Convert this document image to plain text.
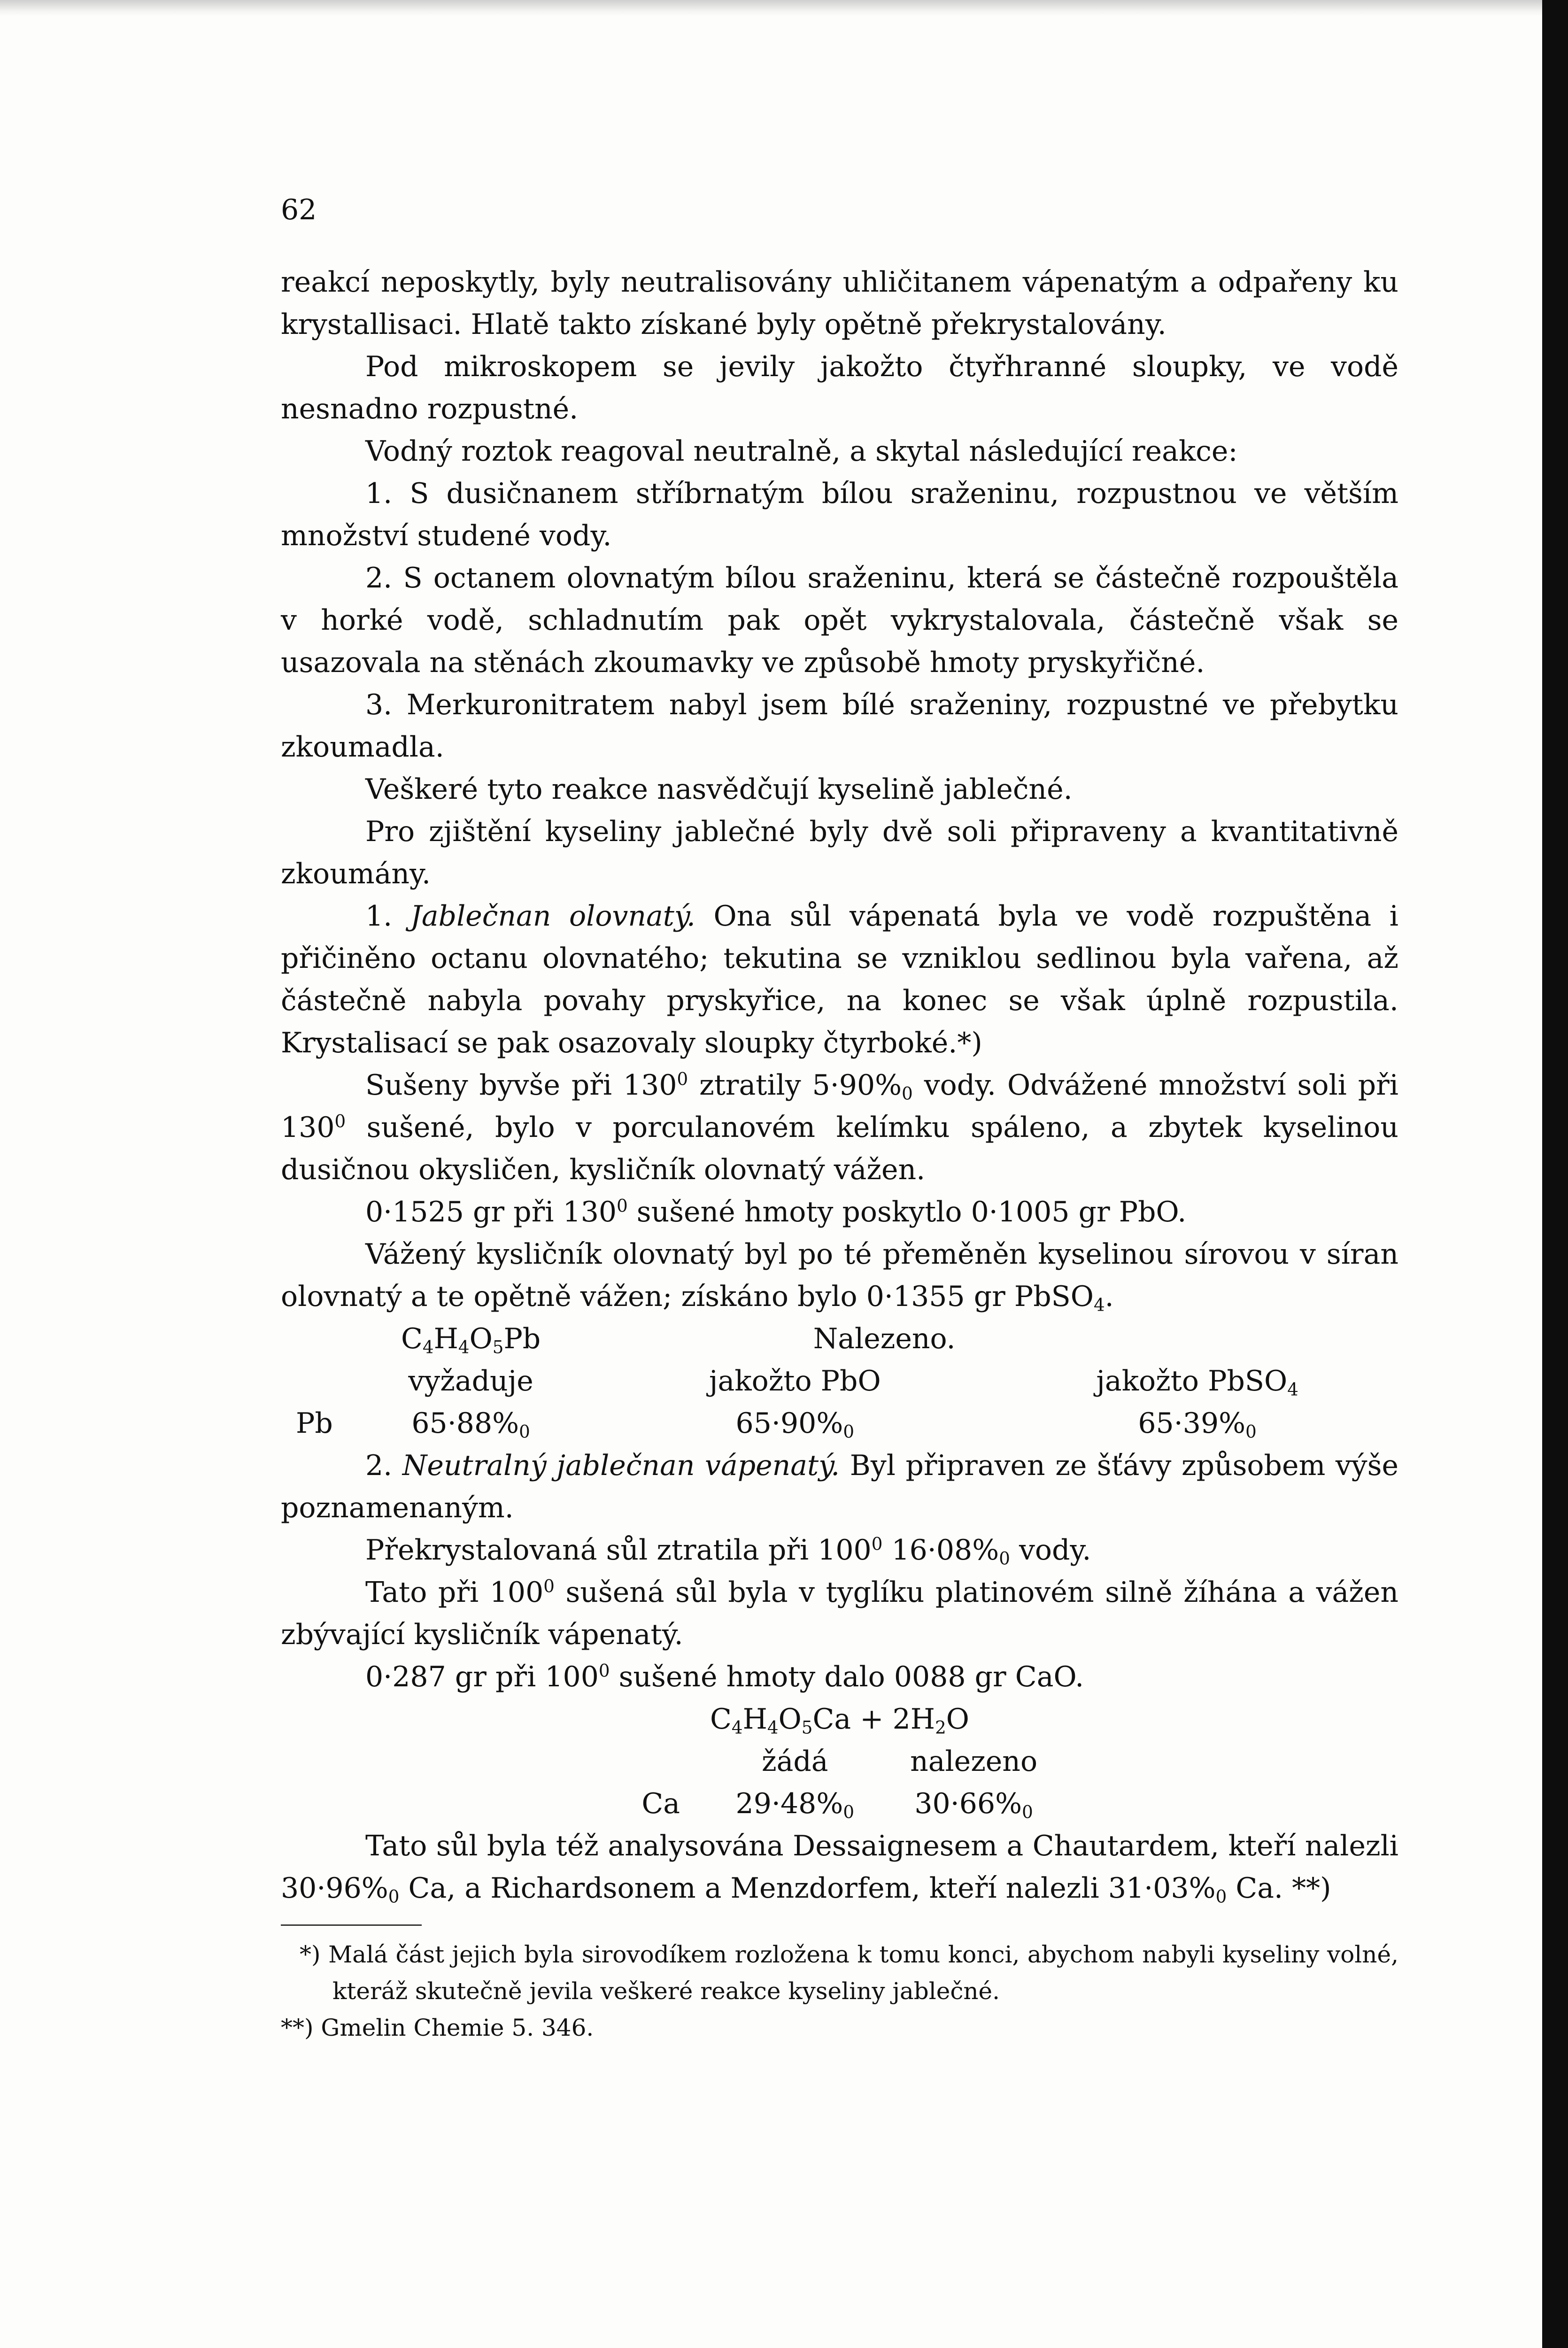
62

reakcí neposkytly, byly neutralisovány uhličitanem vápenatým a odpařeny ku krystallisaci. Hlatě takto získané byly opětně překrystalovány.

Pod mikroskopem se jevily jakožto čtyřhranné sloupky, ve vodě nesnadno rozpustné.

Vodný roztok reagoval neutralně, a skytal následující reakce:

1. S dusičnanem stříbrnatým bílou sraženinu, rozpustnou ve větším množství studené vody.

2. S octanem olovnatým bílou sraženinu, která se částečně rozpouštěla v horké vodě, schladnutím pak opět vykrystalovala, částečně však se usazovala na stěnách zkoumavky ve způsobě hmoty pryskyřičné.

3. Merkuronitratem nabyl jsem bílé sraženiny, rozpustné ve přebytku zkoumadla.

Veškeré tyto reakce nasvědčují kyselině jablečné.

Pro zjištění kyseliny jablečné byly dvě soli připraveny a kvantitativně zkoumány.

1. Jablečnan olovnatý. Ona sůl vápenatá byla ve vodě rozpuštěna i přičiněno octanu olovnatého; tekutina se vzniklou sedlinou byla vařena, až částečně nabyla povahy pryskyřice, na konec se však úplně rozpustila. Krystalisací se pak osazovaly sloupky čtyrboké.*)

Sušeny byvše při $130^0$ ztratily $5\cdot 90\%_0$ vody. Odvážené množství soli při $130^0$ sušené, bylo v porculanovém kelímku spáleno, a zbytek kyselinou dusičnou okysličen, kysličník olovnatý vážen.

0·1525 gr při $130^0$ sušené hmoty poskytlo 0·1005 gr PbO.

Vážený kysličník olovnatý byl po té přeměněn kyselinou sírovou v síran olovnatý a te opětně vážen; získáno bylo 0·1355 gr PbSO$_4$.

	$C_4H_4O_5Pb$	Nalezeno.	
	vyžaduje	jakožto PbO	jakožto PbSO$_4$
Pb	$65\cdot 88\%_0$	$65\cdot 90\%_0$	$65\cdot 39\%_0$

2. Neutralný jablečnan vápenatý. Byl připraven ze šťávy způsobem výše poznamenaným.

Překrystalovaná sůl ztratila při $100^0$ $16\cdot 08\%_0$ vody.

Tato při $100^0$ sušená sůl byla v tyglíku platinovém silně žíhána a vážen zbývající kysličník vápenatý.

0·287 gr při $100^0$ sušené hmoty dalo 0088 gr CaO.

	$C_4H_4O_5Ca + 2H_2O$			
		žádá	nalezeno	
	Ca	$29\cdot 48\%_0$	$30\cdot 66\%_0$	

Tato sůl byla též analysována Dessaignesem a Chautardem, kteří nalezli $30\cdot 96\%_0$ Ca, a Richardsonem a Menzdorfem, kteří nalezli $31\cdot 03\%_0$ Ca. **)

*) Malá část jejich byla sirovodíkem rozložena k tomu konci, abychom nabyli kyseliny volné, kteráž skutečně jevila veškeré reakce kyseliny jablečné.

**) Gmelin Chemie 5. 346.
